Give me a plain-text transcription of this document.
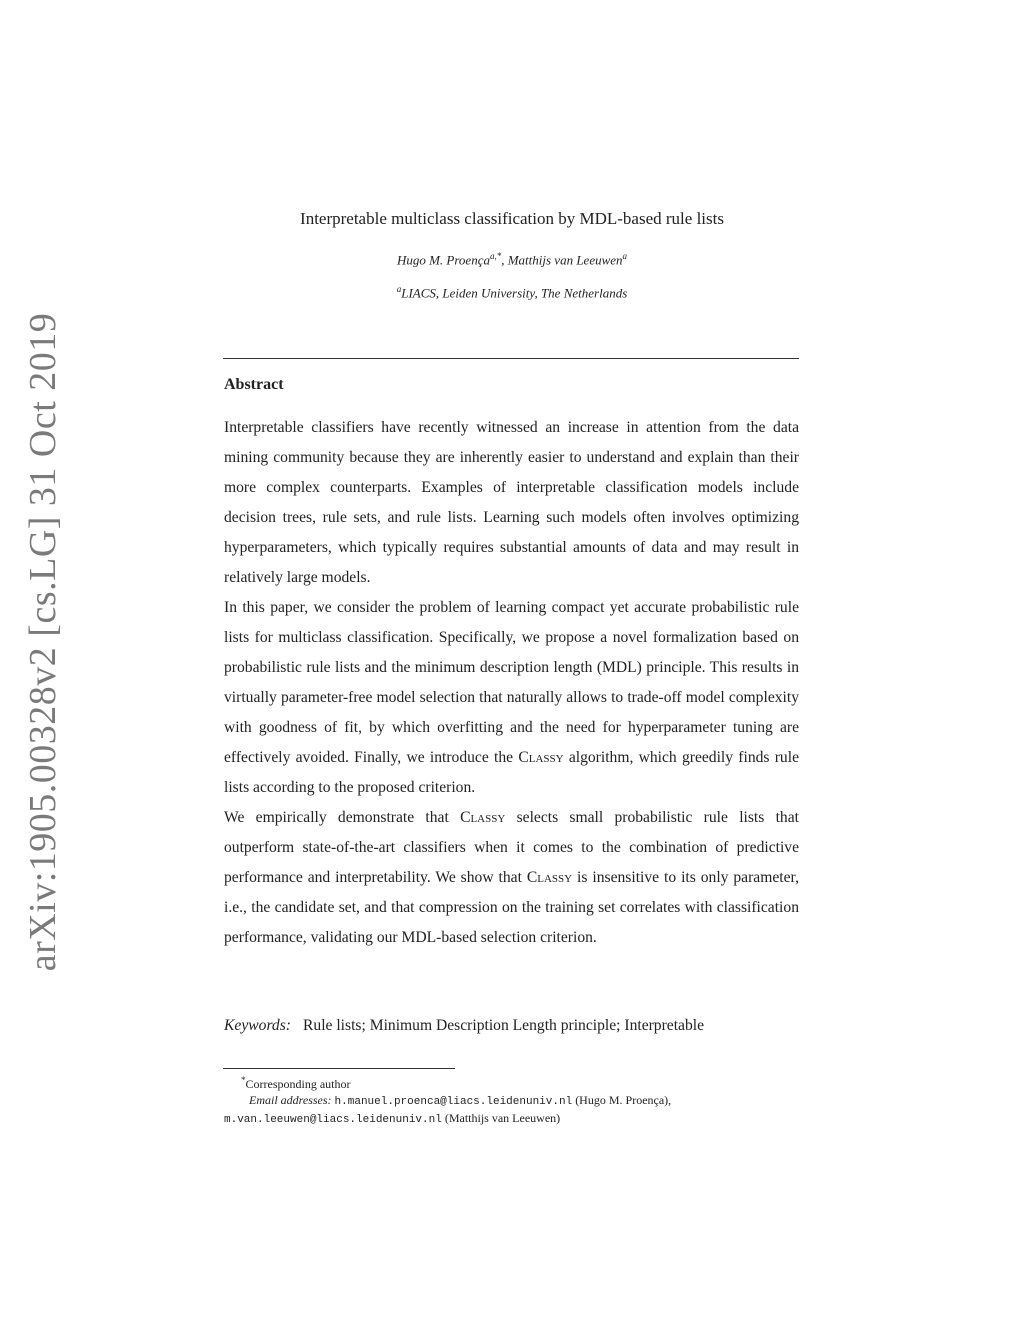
arXiv:1905.00328v2 [cs.LG] 31 Oct 2019
Interpretable multiclass classification by MDL-based rule lists
Hugo M. Proença$^{a,*}$, Matthijs van Leeuwen$^a$
$^a$LIACS, Leiden University, The Netherlands
Abstract

Interpretable classifiers have recently witnessed an increase in attention from the data mining community because they are inherently easier to understand and explain than their more complex counterparts. Examples of interpretable classification models include decision trees, rule sets, and rule lists. Learning such models often involves optimizing hyperparameters, which typically requires substantial amounts of data and may result in relatively large models.

In this paper, we consider the problem of learning compact yet accurate probabilistic rule lists for multiclass classification. Specifically, we propose a novel formalization based on probabilistic rule lists and the minimum description length (MDL) principle. This results in virtually parameter-free model selection that naturally allows to trade-off model complexity with goodness of fit, by which overfitting and the need for hyperparameter tuning are effectively avoided. Finally, we introduce the Classy algorithm, which greedily finds rule lists according to the proposed criterion.

We empirically demonstrate that Classy selects small probabilistic rule lists that outperform state-of-the-art classifiers when it comes to the combination of predictive performance and interpretability. We show that Classy is insensitive to its only parameter, i.e., the candidate set, and that compression on the training set correlates with classification performance, validating our MDL-based selection criterion.

Keywords: Rule lists; Minimum Description Length principle; Interpretable
*Corresponding author
Email addresses: h.manuel.proenca@liacs.leidenuniv.nl (Hugo M. Proença),
m.van.leeuwen@liacs.leidenuniv.nl (Matthijs van Leeuwen)
